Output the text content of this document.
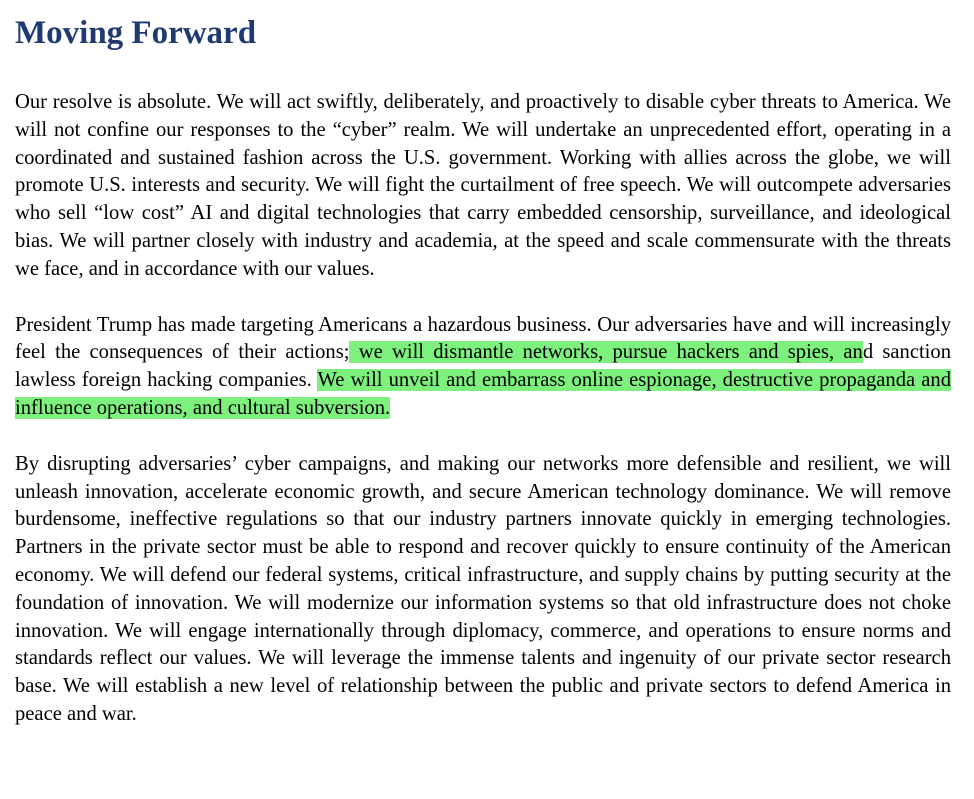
Moving Forward

Our resolve is absolute. We will act swiftly, deliberately, and proactively to disable cyber threats to America. We will not confine our responses to the “cyber” realm. We will undertake an unprecedented effort, operating in a coordinated and sustained fashion across the U.S. government. Working with allies across the globe, we will promote U.S. interests and security. We will fight the curtailment of free speech. We will outcompete adversaries who sell “low cost” AI and digital technologies that carry embedded censorship, surveillance, and ideological bias. We will partner closely with industry and academia, at the speed and scale commensurate with the threats we face, and in accordance with our values.

President Trump has made targeting Americans a hazardous business. Our adversaries have and will increasingly feel the consequences of their actions; we will dismantle networks, pursue hackers and spies, and sanction lawless foreign hacking companies. We will unveil and embarrass online espionage, destructive propaganda and influence operations, and cultural subversion.

By disrupting adversaries’ cyber campaigns, and making our networks more defensible and resilient, we will unleash innovation, accelerate economic growth, and secure American technology dominance. We will remove burdensome, ineffective regulations so that our industry partners innovate quickly in emerging technologies. Partners in the private sector must be able to respond and recover quickly to ensure continuity of the American economy. We will defend our federal systems, critical infrastructure, and supply chains by putting security at the foundation of innovation. We will modernize our information systems so that old infrastructure does not choke innovation. We will engage internationally through diplomacy, commerce, and operations to ensure norms and standards reflect our values. We will leverage the immense talents and ingenuity of our private sector research base. We will establish a new level of relationship between the public and private sectors to defend America in peace and war.
